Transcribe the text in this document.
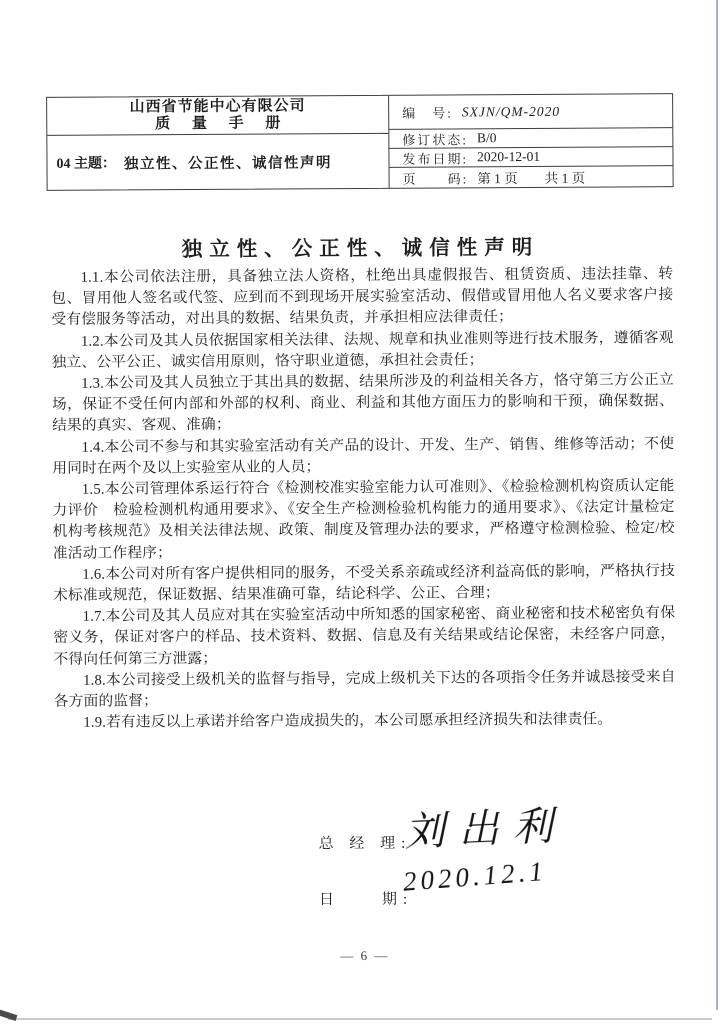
山西省节能中心有限公司
质 量 手 册
04 主题： 独立性、公正性、诚信性声明
编　号: SXJN/QM-2020
修订状态: B/0
发布日期: 2020-12-01
页　　码: 第 1 页　　共 1 页
独立性、公正性、诚信性声明

1.1.本公司依法注册，具备独立法人资格，杜绝出具虚假报告、租赁资质、违法挂靠、转包、冒用他人签名或代签、应到而不到现场开展实验室活动、假借或冒用他人名义要求客户接受有偿服务等活动，对出具的数据、结果负责，并承担相应法律责任；

1.2.本公司及其人员依据国家相关法律、法规、规章和执业准则等进行技术服务，遵循客观独立、公平公正、诚实信用原则，恪守职业道德，承担社会责任；

1.3.本公司及其人员独立于其出具的数据、结果所涉及的利益相关各方，恪守第三方公正立场，保证不受任何内部和外部的权利、商业、利益和其他方面压力的影响和干预，确保数据、结果的真实、客观、准确；

1.4.本公司不参与和其实验室活动有关产品的设计、开发、生产、销售、维修等活动；不使用同时在两个及以上实验室从业的人员；

1.5.本公司管理体系运行符合《检测校准实验室能力认可准则》、《检验检测机构资质认定能力评价　检验检测机构通用要求》、《安全生产检测检验机构能力的通用要求》、《法定计量检定机构考核规范》及相关法律法规、政策、制度及管理办法的要求，严格遵守检测检验、检定/校准活动工作程序；

1.6.本公司对所有客户提供相同的服务，不受关系亲疏或经济利益高低的影响，严格执行技术标准或规范，保证数据、结果准确可靠，结论科学、公正、合理；

1.7.本公司及其人员应对其在实验室活动中所知悉的国家秘密、商业秘密和技术秘密负有保密义务，保证对客户的样品、技术资料、数据、信息及有关结果或结论保密，未经客户同意，不得向任何第三方泄露；

1.8.本公司接受上级机关的监督与指导，完成上级机关下达的各项指令任务并诚恳接受来自各方面的监督；

1.9.若有违反以上承诺并给客户造成损失的，本公司愿承担经济损失和法律责任。

总 经 理:
刘出利
日　　期:
2020.12.1
— 6 —
